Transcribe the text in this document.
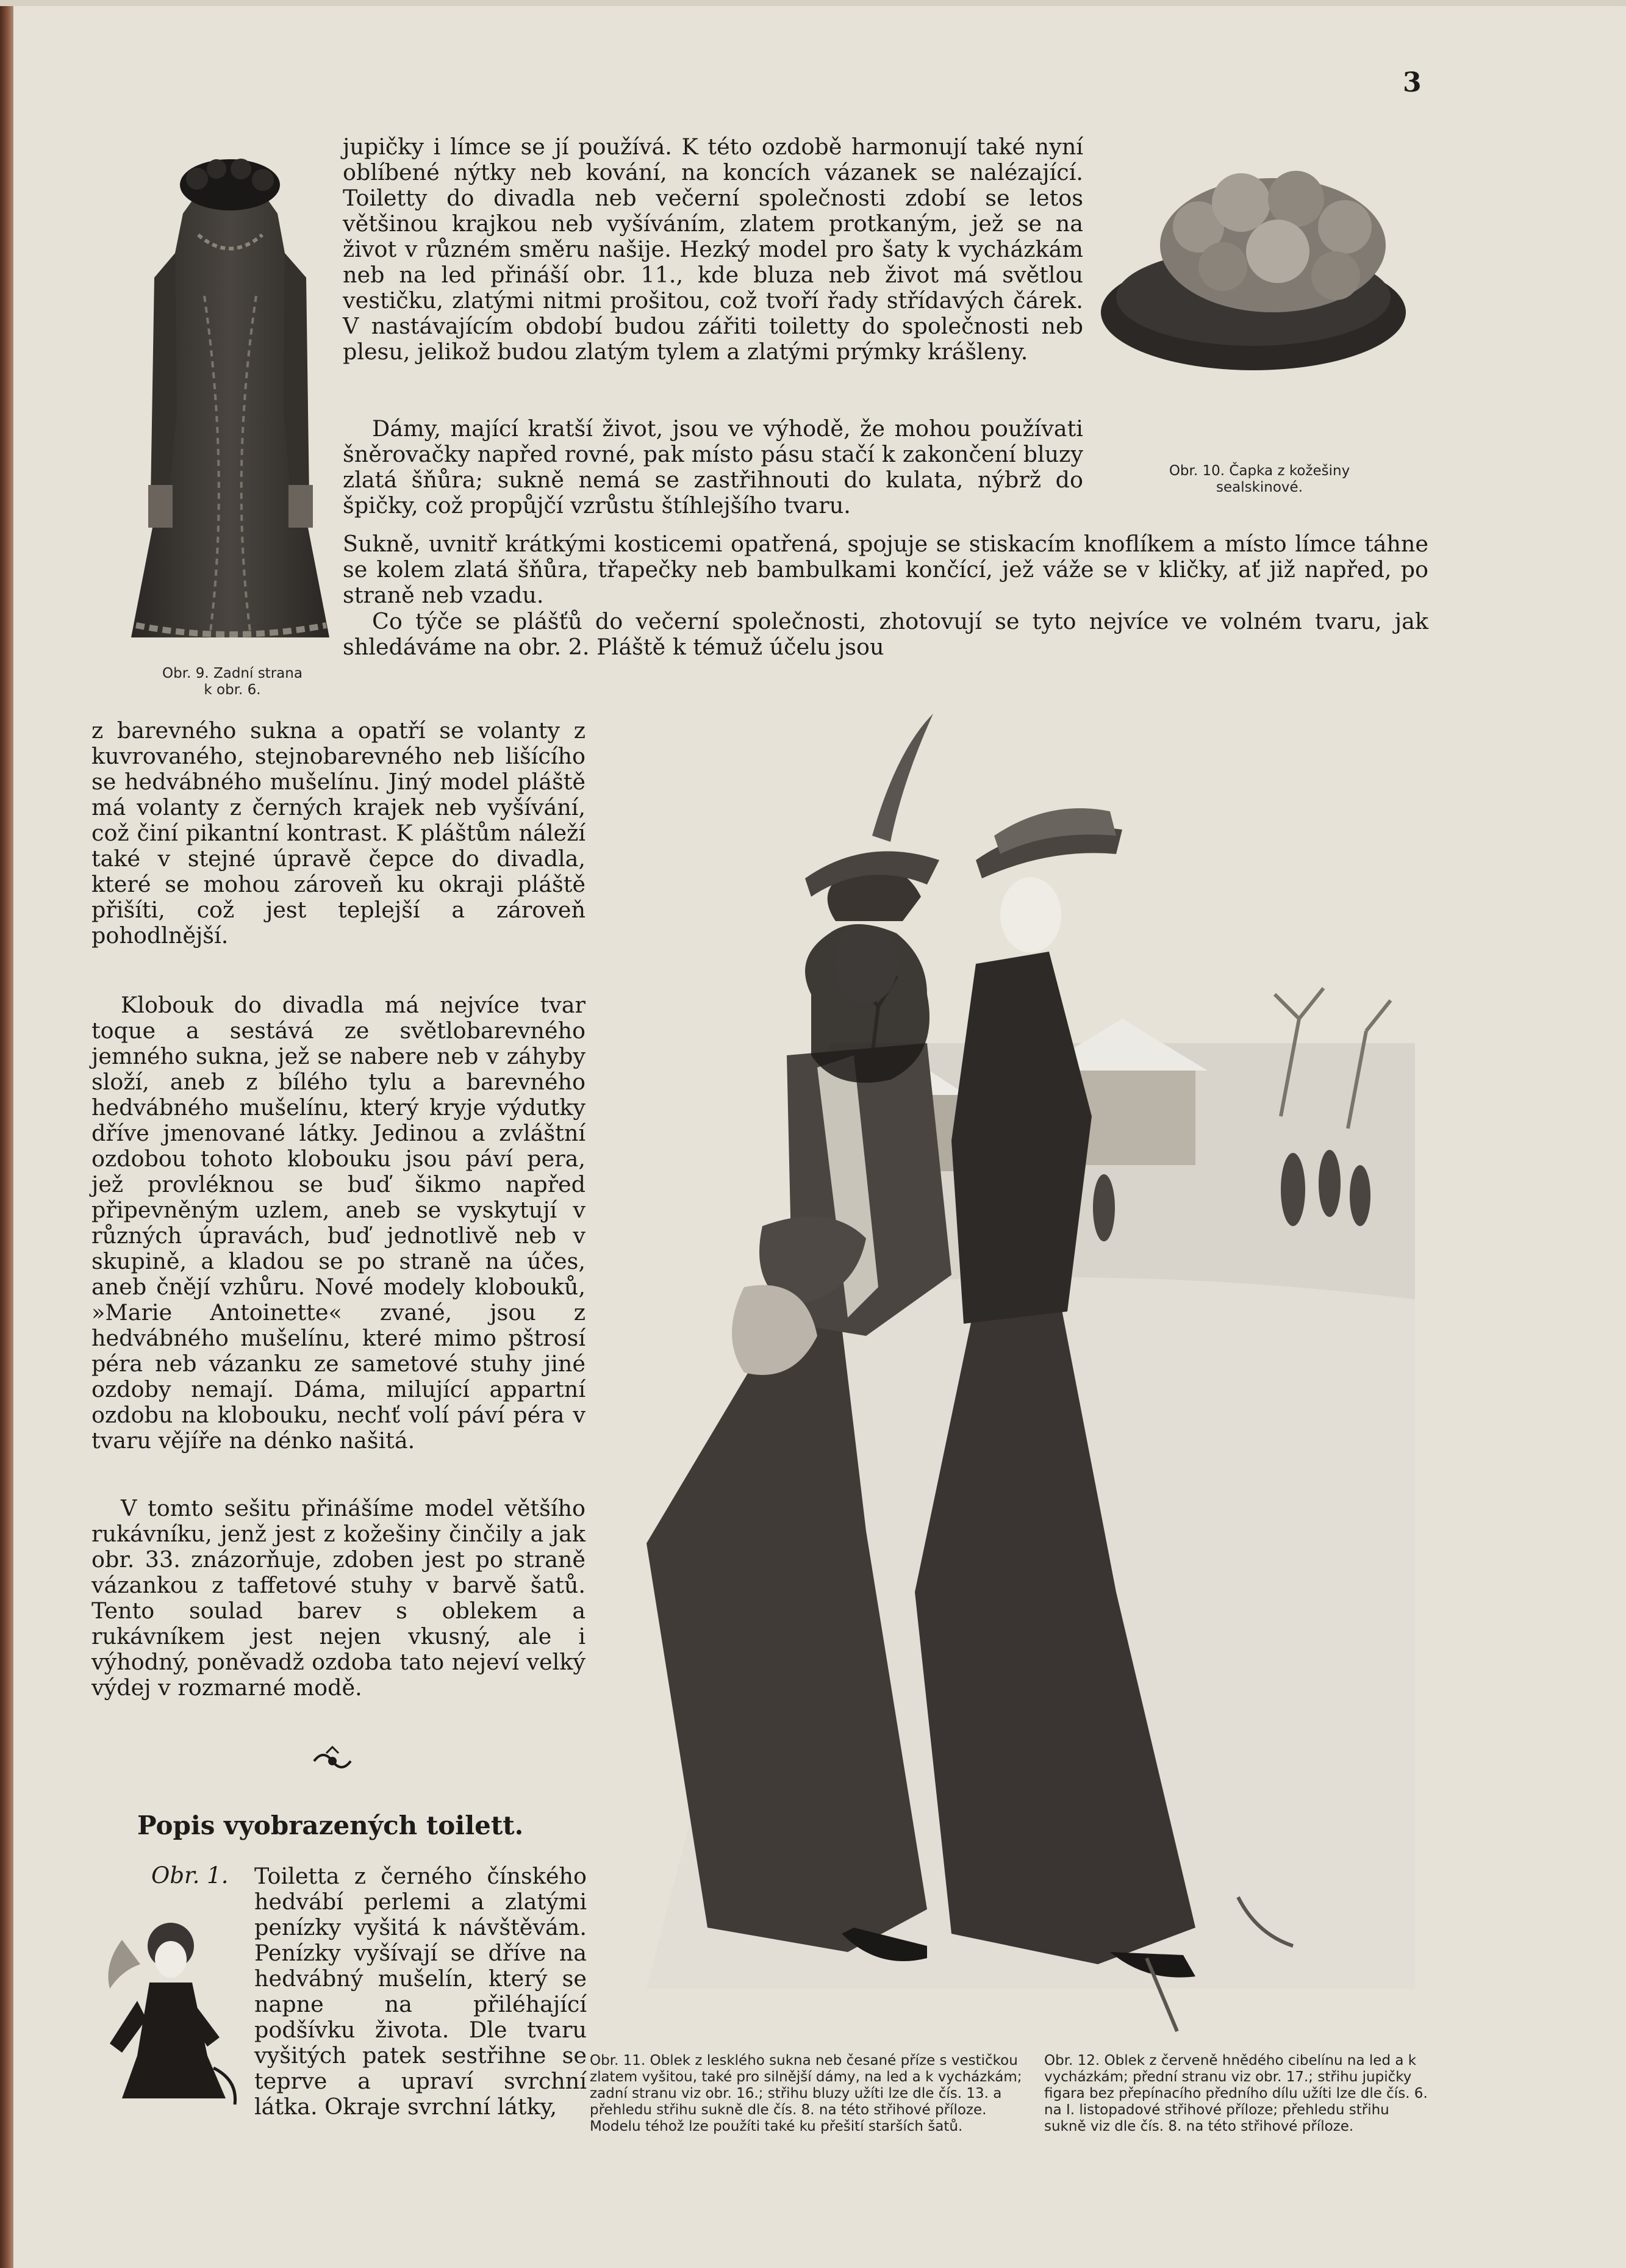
3
Obr. 9. Zadní strana
k obr. 6.
Obr. 10. Čapka z kožešiny
sealskinové.
Obr. 11. Oblek z lesklého sukna neb česané příze s vestičkou zlatem vyšitou, také pro silnější dámy, na led a k vycházkám; zadní stranu viz obr. 16.; střihu bluzy užíti lze dle čís. 13. a přehledu střihu sukně dle čís. 8. na této střihové příloze.
Modelu téhož lze použíti také ku přešití starších šatů.
Obr. 12. Oblek z červeně hnědého cibelínu na led a k vycházkám; přední stranu viz obr. 17.; střihu jupičky figara bez přepínacího předního dílu užíti lze dle čís. 6. na I. listopadové střihové příloze; přehledu střihu sukně viz dle čís. 8. na této střihové příloze.
jupičky i límce se jí používá. K této ozdobě harmonují také nyní oblíbené nýtky neb kování, na koncích vázanek se nalézající. Toiletty do divadla neb večerní společnosti zdobí se letos většinou krajkou neb vyšíváním, zlatem protkaným, jež se na život v různém směru našije. Hezký model pro šaty k vycházkám neb na led přináší obr. 11., kde bluza neb život má světlou vestičku, zlatými nitmi prošitou, což tvoří řady střídavých čárek. V nastávajícím období budou zářiti toiletty do společnosti neb plesu, jelikož budou zlatým tylem a zlatými prýmky krášleny.
Dámy, mající kratší život, jsou ve výhodě, že mohou používati šněrovačky napřed rovné, pak místo pásu stačí k zakončení bluzy zlatá šňůra; sukně nemá se zastřihnouti do kulata, nýbrž do špičky, což propůjčí vzrůstu štíhlejšího tvaru.
Sukně, uvnitř krátkými kosticemi opatřená, spojuje se stiskacím knoflíkem a místo límce táhne se kolem zlatá šňůra, třapečky neb bambulkami končící, jež váže se v kličky, ať již napřed, po straně neb vzadu.
Co týče se plášťů do večerní společnosti, zhotovují se tyto nejvíce ve volném tvaru, jak shledáváme na obr. 2. Pláště k témuž účelu jsou
z barevného sukna a opatří se volanty z kuvrovaného, stejnobarevného neb lišícího se hedvábného mušelínu. Jiný model pláště má volanty z černých krajek neb vyšívání, což činí pikantní kontrast. K pláštům náleží také v stejné úpravě čepce do divadla, které se mohou zároveň ku okraji pláště přišíti, což jest teplejší a zároveň pohodlnější.
Klobouk do divadla má nejvíce tvar toque a sestává ze světlobarevného jemného sukna, jež se nabere neb v záhyby složí, aneb z bílého tylu a barevného hedvábného mušelínu, který kryje výdutky dříve jmenované látky. Jedinou a zvláštní ozdobou tohoto klobouku jsou páví pera, jež provléknou se buď šikmo napřed připevněným uzlem, aneb se vyskytují v různých úpravách, buď jednotlivě neb v skupině, a kladou se po straně na účes, aneb čnějí vzhůru. Nové modely klobouků, »Marie Antoinette« zvané, jsou z hedvábného mušelínu, které mimo pštrosí péra neb vázanku ze sametové stuhy jiné ozdoby nemají. Dáma, milující appartní ozdobu na klobouku, nechť volí páví péra v tvaru vějíře na dénko našitá.
V tomto sešitu přinášíme model většího rukávníku, jenž jest z kožešiny činčily a jak obr. 33. znázorňuje, zdoben jest po straně vázankou z taffetové stuhy v barvě šatů. Tento soulad barev s oblekem a rukávníkem jest nejen vkusný, ale i výhodný, poněvadž ozdoba tato nejeví velký výdej v rozmarné modě.
Popis vyobrazených toilett.
Obr. 1. Toiletta z černého čínského hedvábí perlemi a zlatými penízky vyšitá k návštěvám. Penízky vyšívají se dříve na hedvábný mušelín, který se napne na přiléhající podšívku života. Dle tvaru vyšitých patek sestřihne se teprve a upraví svrchní látka. Okraje svrchní látky,
